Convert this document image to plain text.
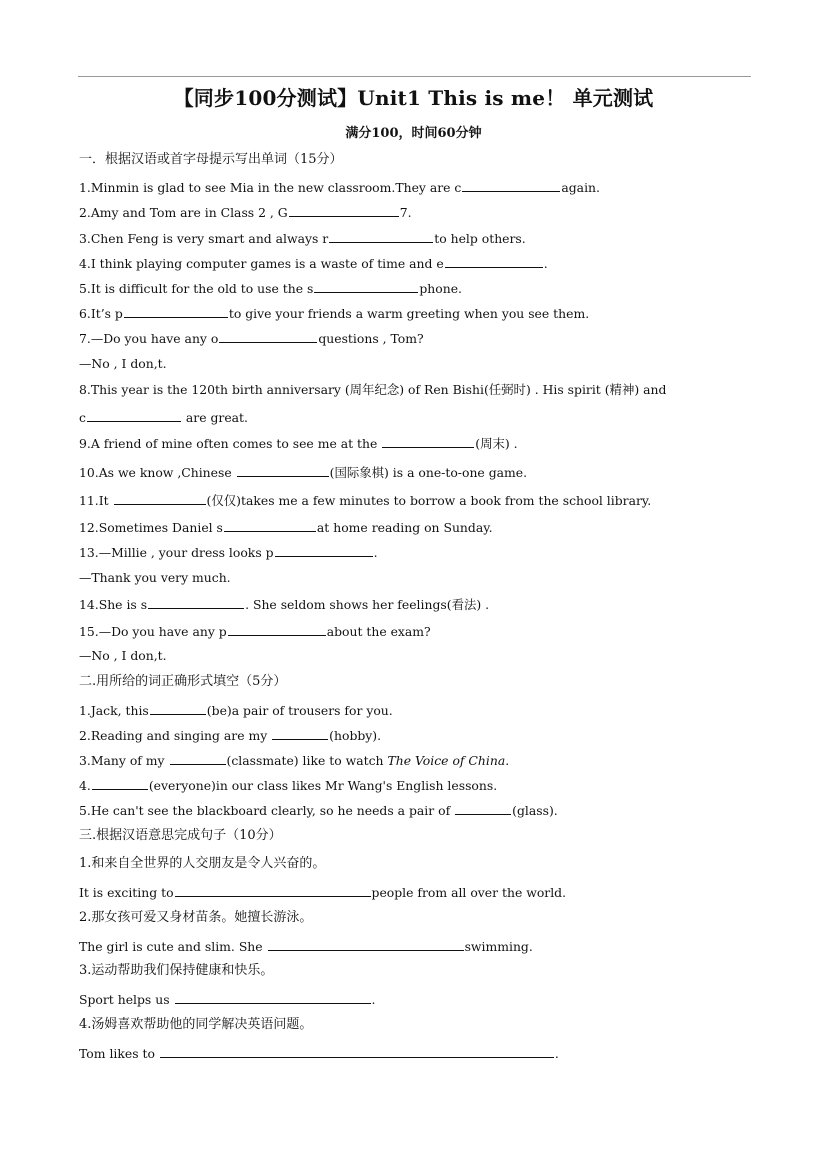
【同步100分测试】Unit1 This is me！ 单元测试
满分100，时间60分钟
一．根据汉语或首字母提示写出单词（15分）
1.Minmin is glad to see Mia in the new classroom.They are c	again.
2.Amy and Tom are in Class 2 , G	7.
3.Chen Feng is very smart and always r	to help others.
4.I think playing computer games is a waste of time and e	.
5.It is difficult for the old to use the s	phone.
6.It’s p	to give your friends a warm greeting when you see them.
7.—Do you have any o	questions , Tom?
—No , I don,t.
8.This year is the 120th birth anniversary (周年纪念) of Ren Bishi(任弼时) . His spirit (精神) and
c	are great.
9.A friend of mine often comes to see me at the	(周末) .
10.As we know ,Chinese	(国际象棋) is a one-to-one game.
11.It	(仅仅)takes me a few minutes to borrow a book from the school library.
12.Sometimes Daniel s	at home reading on Sunday.
13.—Millie , your dress looks p	.
—Thank you very much.
14.She is s	. She seldom shows her feelings(看法) .
15.—Do you have any p	about the exam?
—No , I don,t.
二.用所给的词正确形式填空（5分）
1.Jack, this	(be)a pair of trousers for you.
2.Reading and singing are my	(hobby).
3.Many of my	(classmate) like to watch The Voice of China.
4.	(everyone)in our class likes Mr Wang's English lessons.
5.He can't see the blackboard clearly, so he needs a pair of	(glass).
三.根据汉语意思完成句子（10分）
1.和来自全世界的人交朋友是令人兴奋的。
It is exciting to	people from all over the world.
2.那女孩可爱又身材苗条。她擅长游泳。
The girl is cute and slim. She	swimming.
3.运动帮助我们保持健康和快乐。
Sport helps us	.
4.汤姆喜欢帮助他的同学解决英语问题。
Tom likes to	.
